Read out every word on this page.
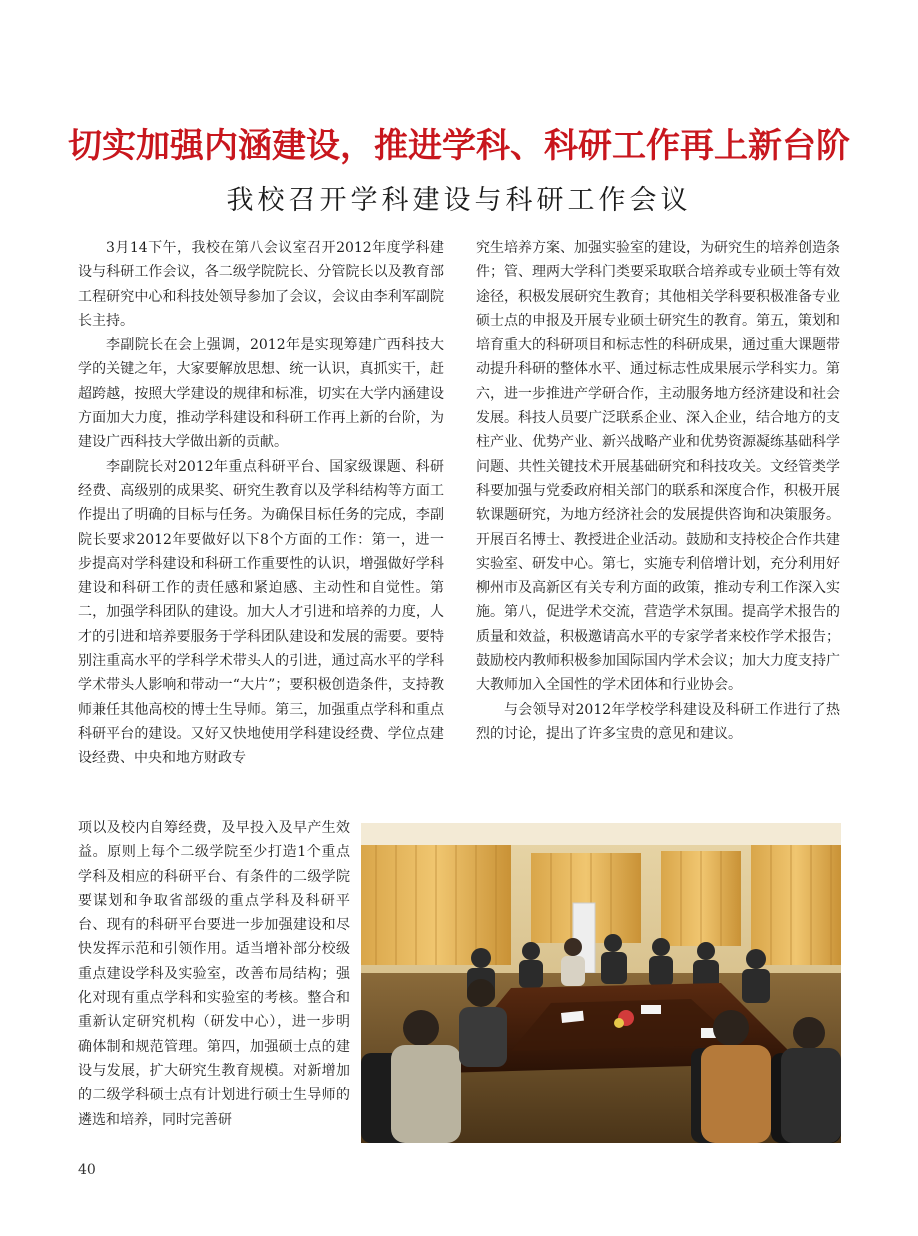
切实加强内涵建设，推进学科、科研工作再上新台阶
我校召开学科建设与科研工作会议

3月14下午，我校在第八会议室召开2012年度学科建设与科研工作会议，各二级学院院长、分管院长以及教育部工程研究中心和科技处领导参加了会议，会议由李利军副院长主持。

李副院长在会上强调，2012年是实现筹建广西科技大学的关键之年，大家要解放思想、统一认识，真抓实干，赶超跨越，按照大学建设的规律和标准，切实在大学内涵建设方面加大力度，推动学科建设和科研工作再上新的台阶，为建设广西科技大学做出新的贡献。

李副院长对2012年重点科研平台、国家级课题、科研经费、高级别的成果奖、研究生教育以及学科结构等方面工作提出了明确的目标与任务。为确保目标任务的完成，李副院长要求2012年要做好以下8个方面的工作：第一，进一步提高对学科建设和科研工作重要性的认识，增强做好学科建设和科研工作的责任感和紧迫感、主动性和自觉性。第二，加强学科团队的建设。加大人才引进和培养的力度，人才的引进和培养要服务于学科团队建设和发展的需要。要特别注重高水平的学科学术带头人的引进，通过高水平的学科学术带头人影响和带动一“大片”；要积极创造条件，支持教师兼任其他高校的博士生导师。第三，加强重点学科和重点科研平台的建设。又好又快地使用学科建设经费、学位点建设经费、中央和地方财政专

项以及校内自筹经费，及早投入及早产生效益。原则上每个二级学院至少打造1个重点学科及相应的科研平台、有条件的二级学院要谋划和争取省部级的重点学科及科研平台、现有的科研平台要进一步加强建设和尽快发挥示范和引领作用。适当增补部分校级重点建设学科及实验室，改善布局结构；强化对现有重点学科和实验室的考核。整合和重新认定研究机构（研发中心），进一步明确体制和规范管理。第四，加强硕士点的建设与发展，扩大研究生教育规模。对新增加的二级学科硕士点有计划进行硕士生导师的遴选和培养，同时完善研

究生培养方案、加强实验室的建设，为研究生的培养创造条件；管、理两大学科门类要采取联合培养或专业硕士等有效途径，积极发展研究生教育；其他相关学科要积极准备专业硕士点的申报及开展专业硕士研究生的教育。第五，策划和培育重大的科研项目和标志性的科研成果，通过重大课题带动提升科研的整体水平、通过标志性成果展示学科实力。第六，进一步推进产学研合作，主动服务地方经济建设和社会发展。科技人员要广泛联系企业、深入企业，结合地方的支柱产业、优势产业、新兴战略产业和优势资源凝练基础科学问题、共性关键技术开展基础研究和科技攻关。文经管类学科要加强与党委政府相关部门的联系和深度合作，积极开展软课题研究，为地方经济社会的发展提供咨询和决策服务。开展百名博士、教授进企业活动。鼓励和支持校企合作共建实验室、研发中心。第七，实施专利倍增计划，充分利用好柳州市及高新区有关专利方面的政策，推动专利工作深入实施。第八，促进学术交流，营造学术氛围。提高学术报告的质量和效益，积极邀请高水平的专家学者来校作学术报告；鼓励校内教师积极参加国际国内学术会议；加大力度支持广大教师加入全国性的学术团体和行业协会。

与会领导对2012年学校学科建设及科研工作进行了热烈的讨论，提出了许多宝贵的意见和建议。

40
